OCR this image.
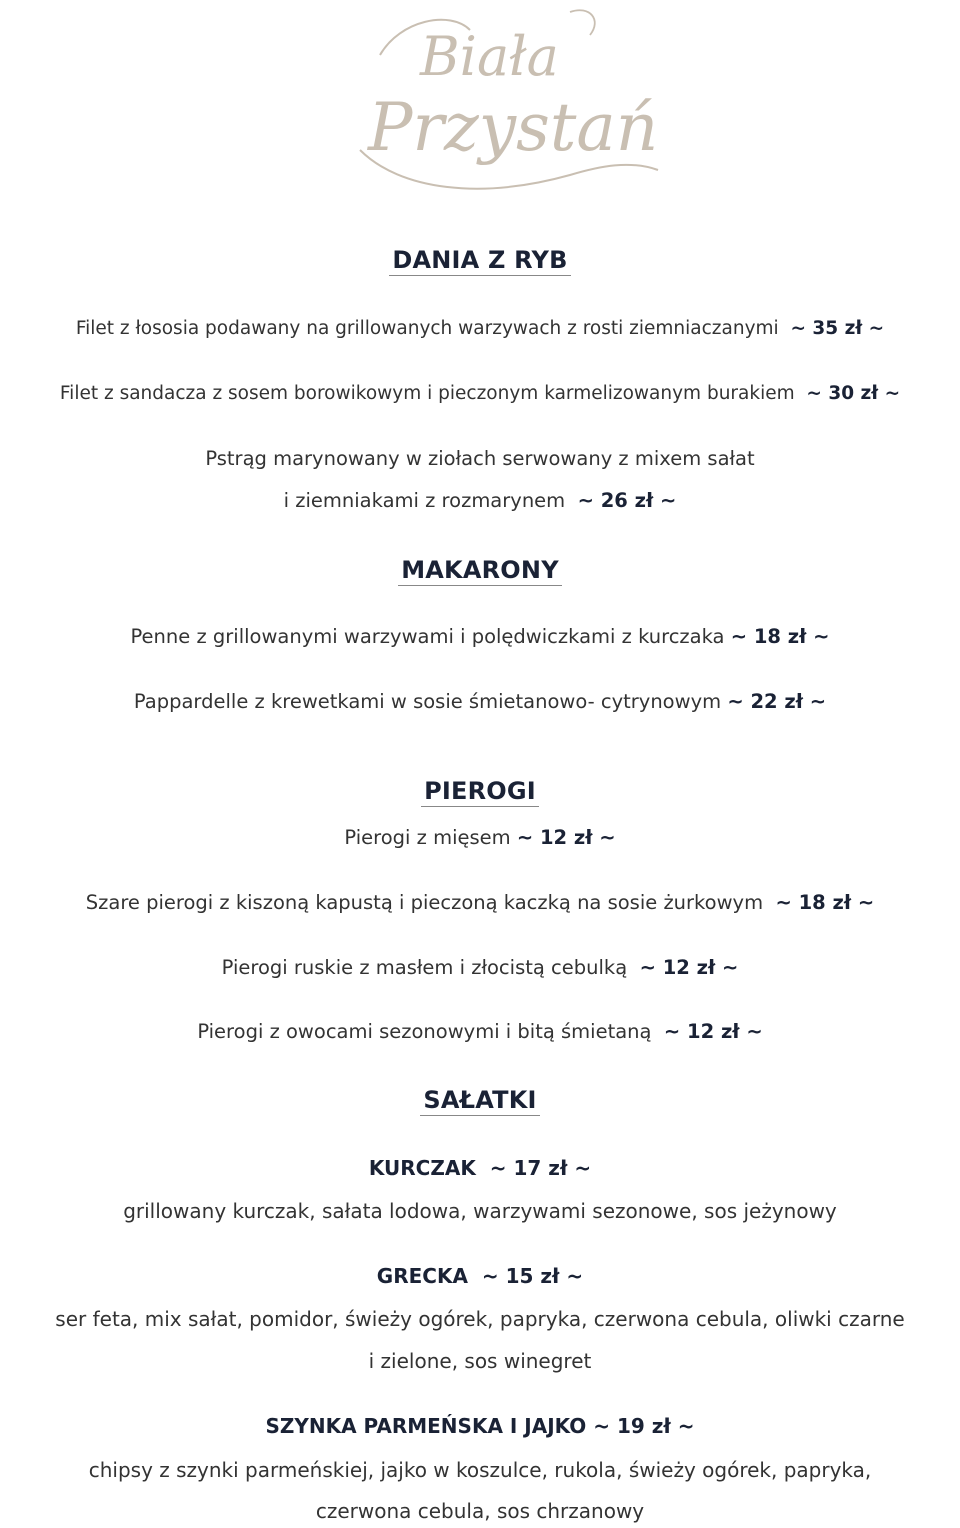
Biała
Przystań
DANIA Z RYB
Filet z łososia podawany na grillowanych warzywach z rosti ziemniaczanymi ~ 35 zł ~
Filet z sandacza z sosem borowikowym i pieczonym karmelizowanym burakiem ~ 30 zł ~
Pstrąg marynowany w ziołach serwowany z mixem sałat
i ziemniakami z rozmarynem ~ 26 zł ~
MAKARONY
Penne z grillowanymi warzywami i polędwiczkami z kurczaka ~ 18 zł ~
Pappardelle z krewetkami w sosie śmietanowo- cytrynowym ~ 22 zł ~
PIEROGI
Pierogi z mięsem ~ 12 zł ~
Szare pierogi z kiszoną kapustą i pieczoną kaczką na sosie żurkowym ~ 18 zł ~
Pierogi ruskie z masłem i złocistą cebulką ~ 12 zł ~
Pierogi z owocami sezonowymi i bitą śmietaną ~ 12 zł ~
SAŁATKI
KURCZAK ~ 17 zł ~
grillowany kurczak, sałata lodowa, warzywami sezonowe, sos jeżynowy
GRECKA ~ 15 zł ~
ser feta, mix sałat, pomidor, świeży ogórek, papryka, czerwona cebula, oliwki czarne
i zielone, sos winegret
SZYNKA PARMEŃSKA I JAJKO ~ 19 zł ~
chipsy z szynki parmeńskiej, jajko w koszulce, rukola, świeży ogórek, papryka,
czerwona cebula, sos chrzanowy
